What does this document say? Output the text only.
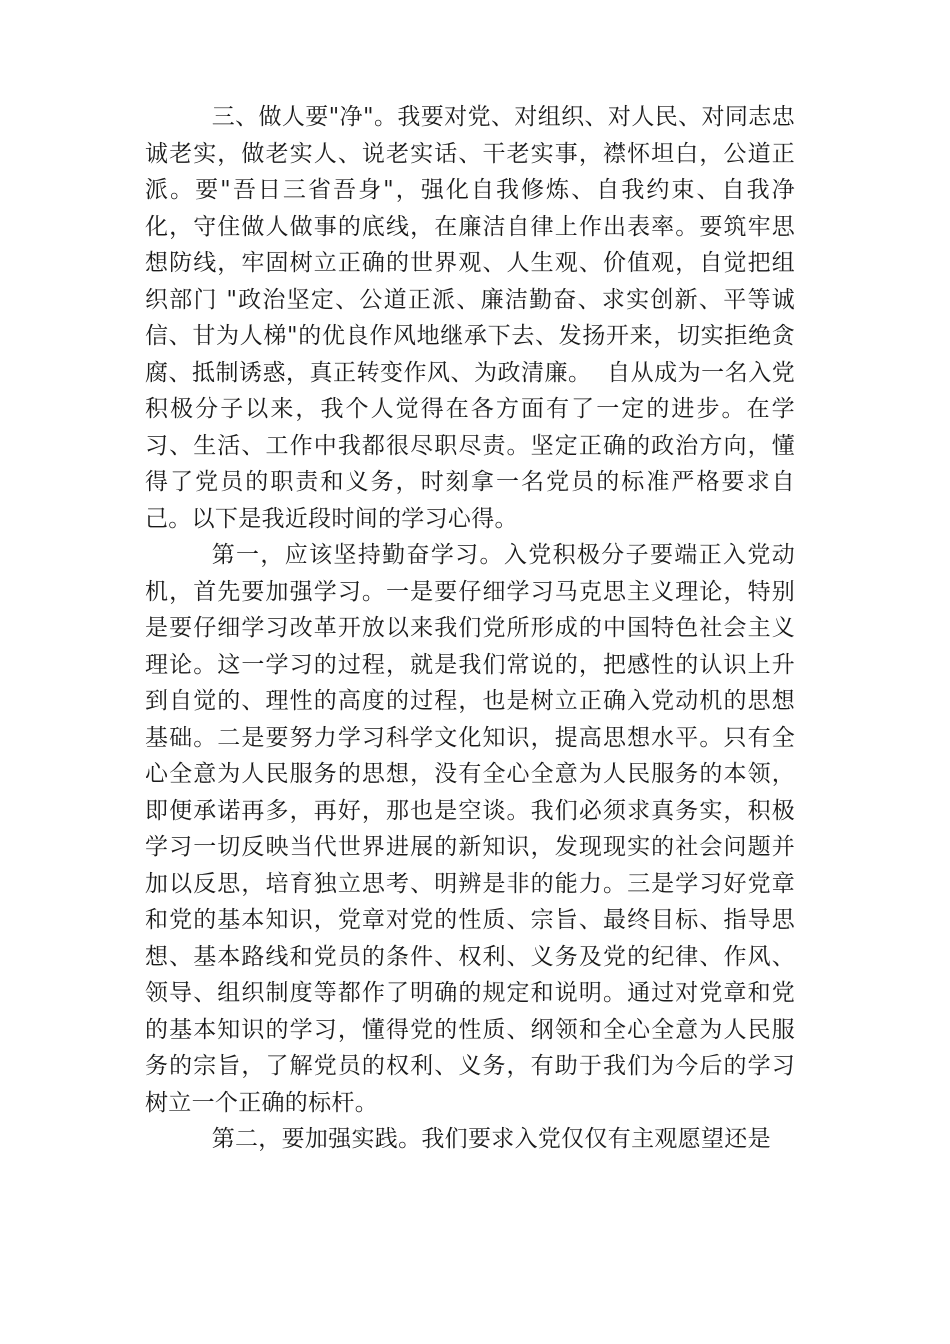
三、做人要"净"。我要对党、对组织、对人民、对同志忠诚老实，做老实人、说老实话、干老实事，襟怀坦白，公道正派。要"吾日三省吾身"，强化自我修炼、自我约束、自我净化，守住做人做事的底线，在廉洁自律上作出表率。要筑牢思想防线，牢固树立正确的世界观、人生观、价值观，自觉把组织部门 "政治坚定、公道正派、廉洁勤奋、求实创新、平等诚信、甘为人梯"的优良作风地继承下去、发扬开来，切实拒绝贪腐、抵制诱惑，真正转变作风、为政清廉。  自从成为一名入党积极分子以来，我个人觉得在各方面有了一定的进步。在学习、生活、工作中我都很尽职尽责。坚定正确的政治方向，懂得了党员的职责和义务，时刻拿一名党员的标准严格要求自己。以下是我近段时间的学习心得。

第一，应该坚持勤奋学习。入党积极分子要端正入党动机，首先要加强学习。一是要仔细学习马克思主义理论，特别是要仔细学习改革开放以来我们党所形成的中国特色社会主义理论。这一学习的过程，就是我们常说的，把感性的认识上升到自觉的、理性的高度的过程，也是树立正确入党动机的思想基础。二是要努力学习科学文化知识，提高思想水平。只有全心全意为人民服务的思想，没有全心全意为人民服务的本领，即便承诺再多，再好，那也是空谈。我们必须求真务实，积极学习一切反映当代世界进展的新知识，发现现实的社会问题并加以反思，培育独立思考、明辨是非的能力。三是学习好党章和党的基本知识，党章对党的性质、宗旨、最终目标、指导思想、基本路线和党员的条件、权利、义务及党的纪律、作风、领导、组织制度等都作了明确的规定和说明。通过对党章和党的基本知识的学习，懂得党的性质、纲领和全心全意为人民服务的宗旨，了解党员的权利、义务，有助于我们为今后的学习树立一个正确的标杆。

第二，要加强实践。我们要求入党仅仅有主观愿望还是
